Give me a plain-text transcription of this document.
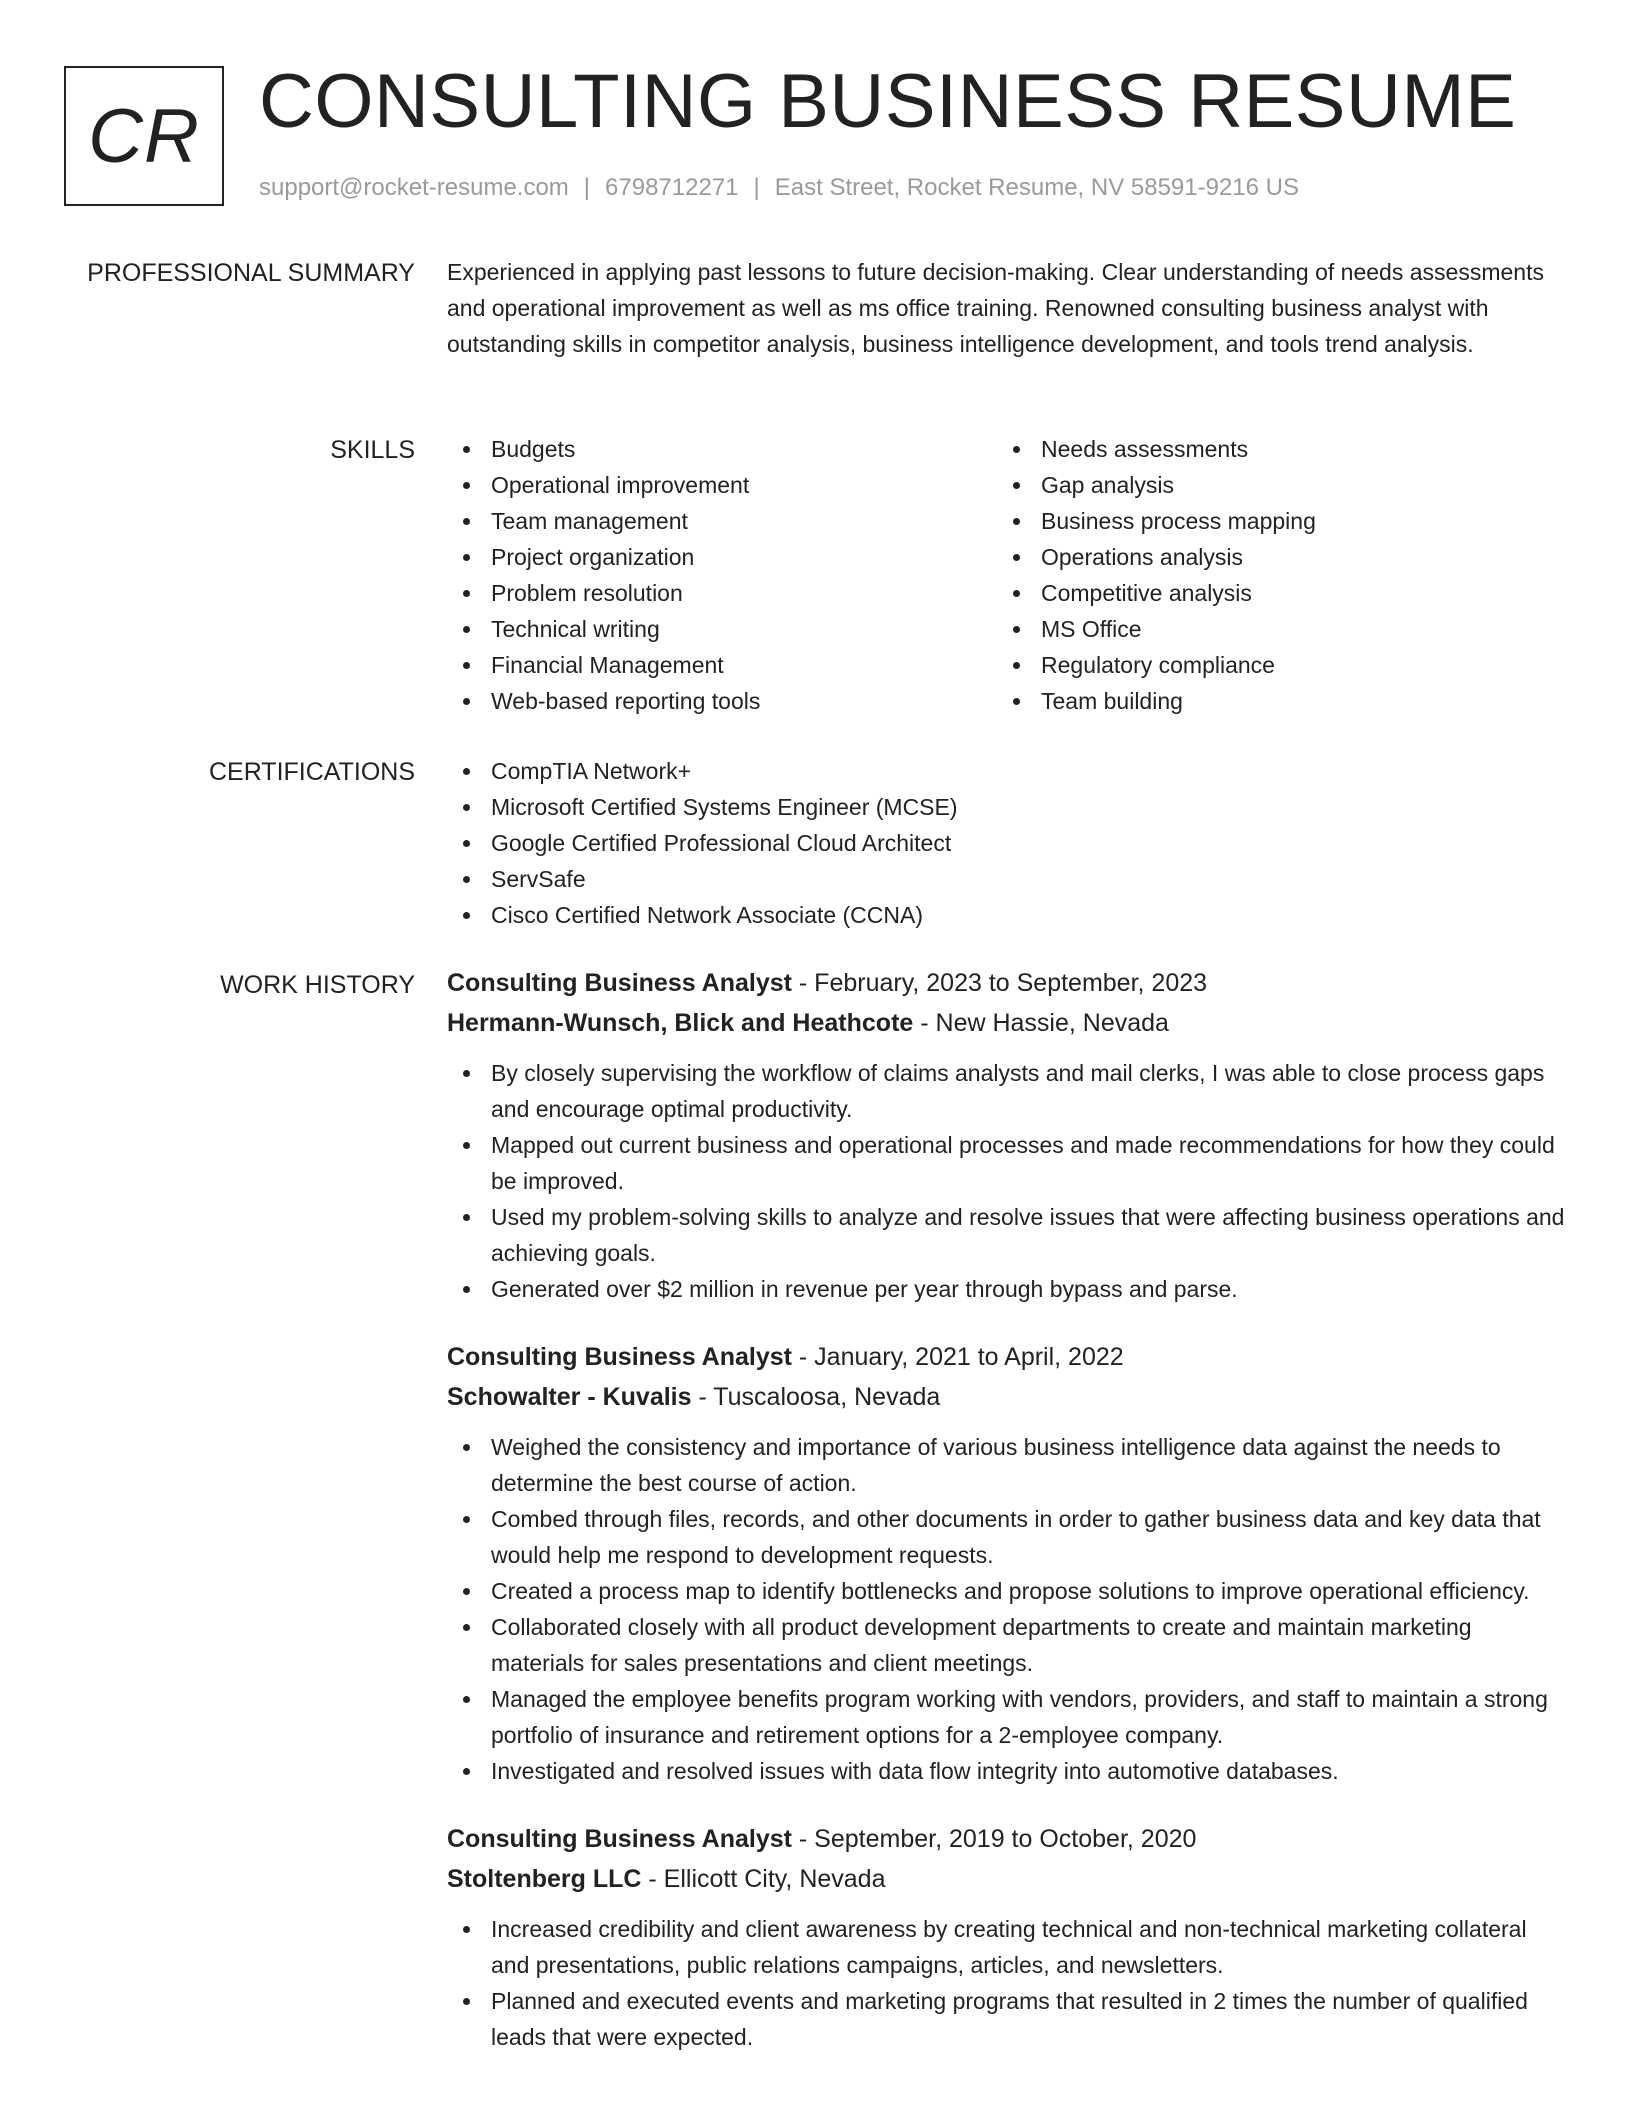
CR CONSULTING BUSINESS RESUME
support@rocket-resume.com | 6798712271 | East Street, Rocket Resume, NV 58591-9216 US
PROFESSIONAL SUMMARY Experienced in applying past lessons to future decision-making. Clear understanding of needs assessments and operational improvement as well as ms office training. Renowned consulting business analyst with outstanding skills in competitor analysis, business intelligence development, and tools trend analysis.

SKILLS	Budgets
Operational improvement
Team management
Project organization
Problem resolution
Technical writing
Financial Management
Web-based reporting tools
Needs assessments
Gap analysis
Business process mapping
Operations analysis
Competitive analysis
MS Office
Regulatory compliance
Team building
CERTIFICATIONS	CompTIA Network+
Microsoft Certified Systems Engineer (MCSE)
Google Certified Professional Cloud Architect
ServSafe
Cisco Certified Network Associate (CCNA)
WORK HISTORY Consulting Business Analyst - February, 2023 to September, 2023
Hermann-Wunsch, Blick and Heathcote - New Hassie, Nevada
By closely supervising the workflow of claims analysts and mail clerks, I was able to close process gaps and encourage optimal productivity.
Mapped out current business and operational processes and made recommendations for how they could be improved.
Used my problem-solving skills to analyze and resolve issues that were affecting business operations and achieving goals.
Generated over $2 million in revenue per year through bypass and parse.
Consulting Business Analyst - January, 2021 to April, 2022
Schowalter - Kuvalis - Tuscaloosa, Nevada
Weighed the consistency and importance of various business intelligence data against the needs to determine the best course of action.
Combed through files, records, and other documents in order to gather business data and key data that would help me respond to development requests.
Created a process map to identify bottlenecks and propose solutions to improve operational efficiency.
Collaborated closely with all product development departments to create and maintain marketing materials for sales presentations and client meetings.
Managed the employee benefits program working with vendors, providers, and staff to maintain a strong portfolio of insurance and retirement options for a 2-employee company.
Investigated and resolved issues with data flow integrity into automotive databases.
Consulting Business Analyst - September, 2019 to October, 2020
Stoltenberg LLC - Ellicott City, Nevada
Increased credibility and client awareness by creating technical and non-technical marketing collateral and presentations, public relations campaigns, articles, and newsletters.
Planned and executed events and marketing programs that resulted in 2 times the number of qualified leads that were expected.
